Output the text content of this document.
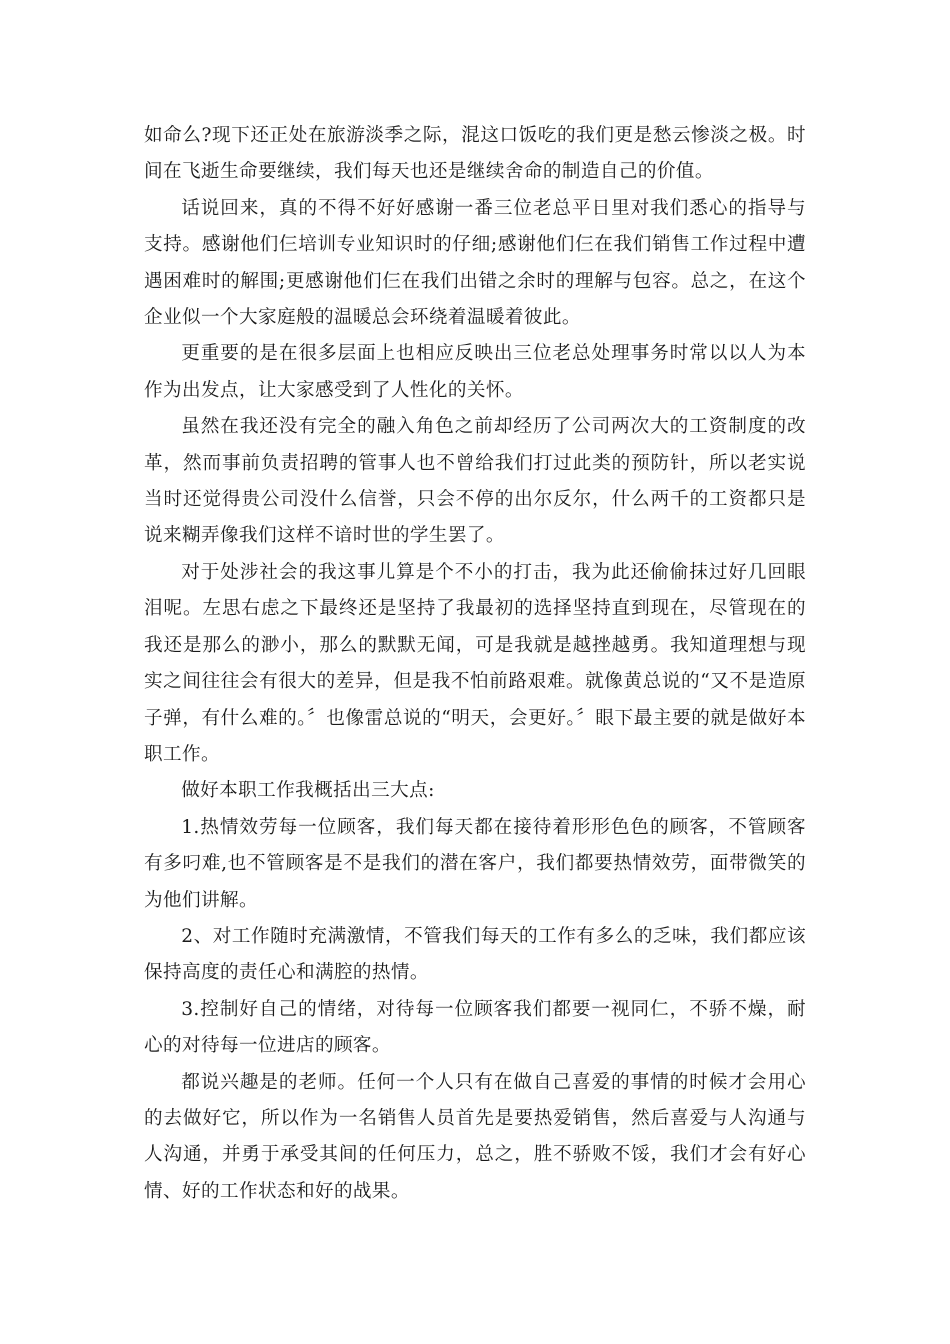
如命么?现下还正处在旅游淡季之际，混这口饭吃的我们更是愁云惨淡之极。时间在飞逝生命要继续，我们每天也还是继续舍命的制造自己的价值。

话说回来，真的不得不好好感谢一番三位老总平日里对我们悉心的指导与支持。感谢他们仨培训专业知识时的仔细;感谢他们仨在我们销售工作过程中遭遇困难时的解围;更感谢他们仨在我们出错之余时的理解与包容。总之，在这个企业似一个大家庭般的温暖总会环绕着温暖着彼此。

更重要的是在很多层面上也相应反映出三位老总处理事务时常以以人为本作为出发点，让大家感受到了人性化的关怀。

虽然在我还没有完全的融入角色之前却经历了公司两次大的工资制度的改革，然而事前负责招聘的管事人也不曾给我们打过此类的预防针，所以老实说当时还觉得贵公司没什么信誉，只会不停的出尔反尔，什么两千的工资都只是说来糊弄像我们这样不谙时世的学生罢了。

对于处涉社会的我这事儿算是个不小的打击，我为此还偷偷抹过好几回眼泪呢。左思右虑之下最终还是坚持了我最初的选择坚持直到现在，尽管现在的我还是那么的渺小，那么的默默无闻，可是我就是越挫越勇。我知道理想与现实之间往往会有很大的差异，但是我不怕前路艰难。就像黄总说的“又不是造原子弹，有什么难的。〞也像雷总说的“明天，会更好。〞眼下最主要的就是做好本职工作。

做好本职工作我概括出三大点:

1.热情效劳每一位顾客，我们每天都在接待着形形色色的顾客，不管顾客有多叼难,也不管顾客是不是我们的潜在客户，我们都要热情效劳，面带微笑的为他们讲解。

2、对工作随时充满激情，不管我们每天的工作有多么的乏味，我们都应该保持高度的责任心和满腔的热情。

3.控制好自己的情绪，对待每一位顾客我们都要一视同仁，不骄不燥，耐心的对待每一位进店的顾客。

都说兴趣是的老师。任何一个人只有在做自己喜爱的事情的时候才会用心的去做好它，所以作为一名销售人员首先是要热爱销售，然后喜爱与人沟通与人沟通，并勇于承受其间的任何压力，总之，胜不骄败不馁，我们才会有好心情、好的工作状态和好的战果。
